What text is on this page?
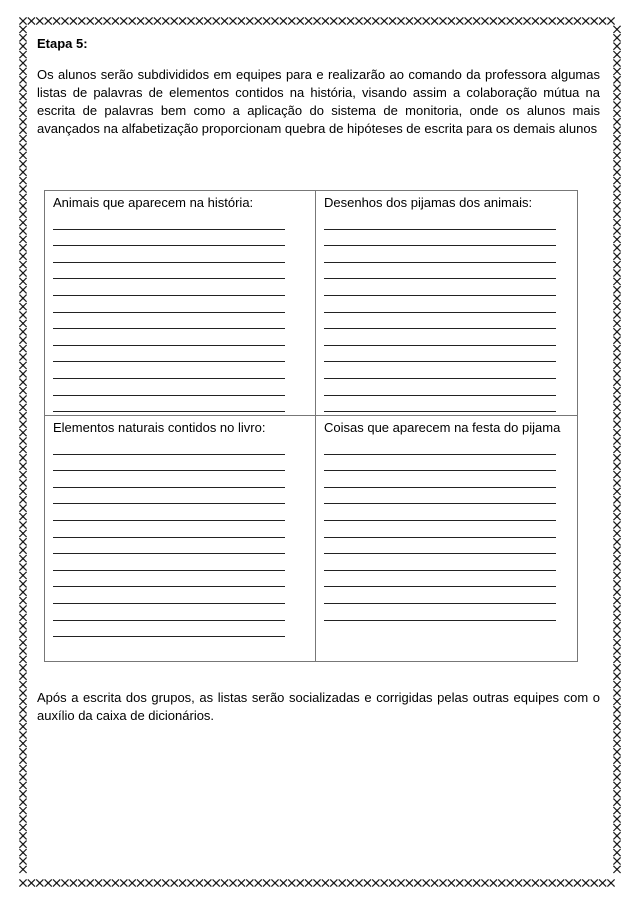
Etapa 5:

Os alunos serão subdivididos em equipes para e realizarão ao comando da professora algumas listas de palavras de elementos contidos na história, visando assim a colaboração mútua na escrita de palavras bem como a aplicação do sistema de monitoria, onde os alunos mais avançados na alfabetização proporcionam quebra de hipóteses de escrita para os demais alunos

Animais que aparecem na história:	Desenhos dos pijamas dos animais:

Elementos naturais contidos no livro:	Coisas que aparecem na festa do pijama

Após a escrita dos grupos, as listas serão socializadas e corrigidas pelas outras equipes com o auxílio da caixa de dicionários.
